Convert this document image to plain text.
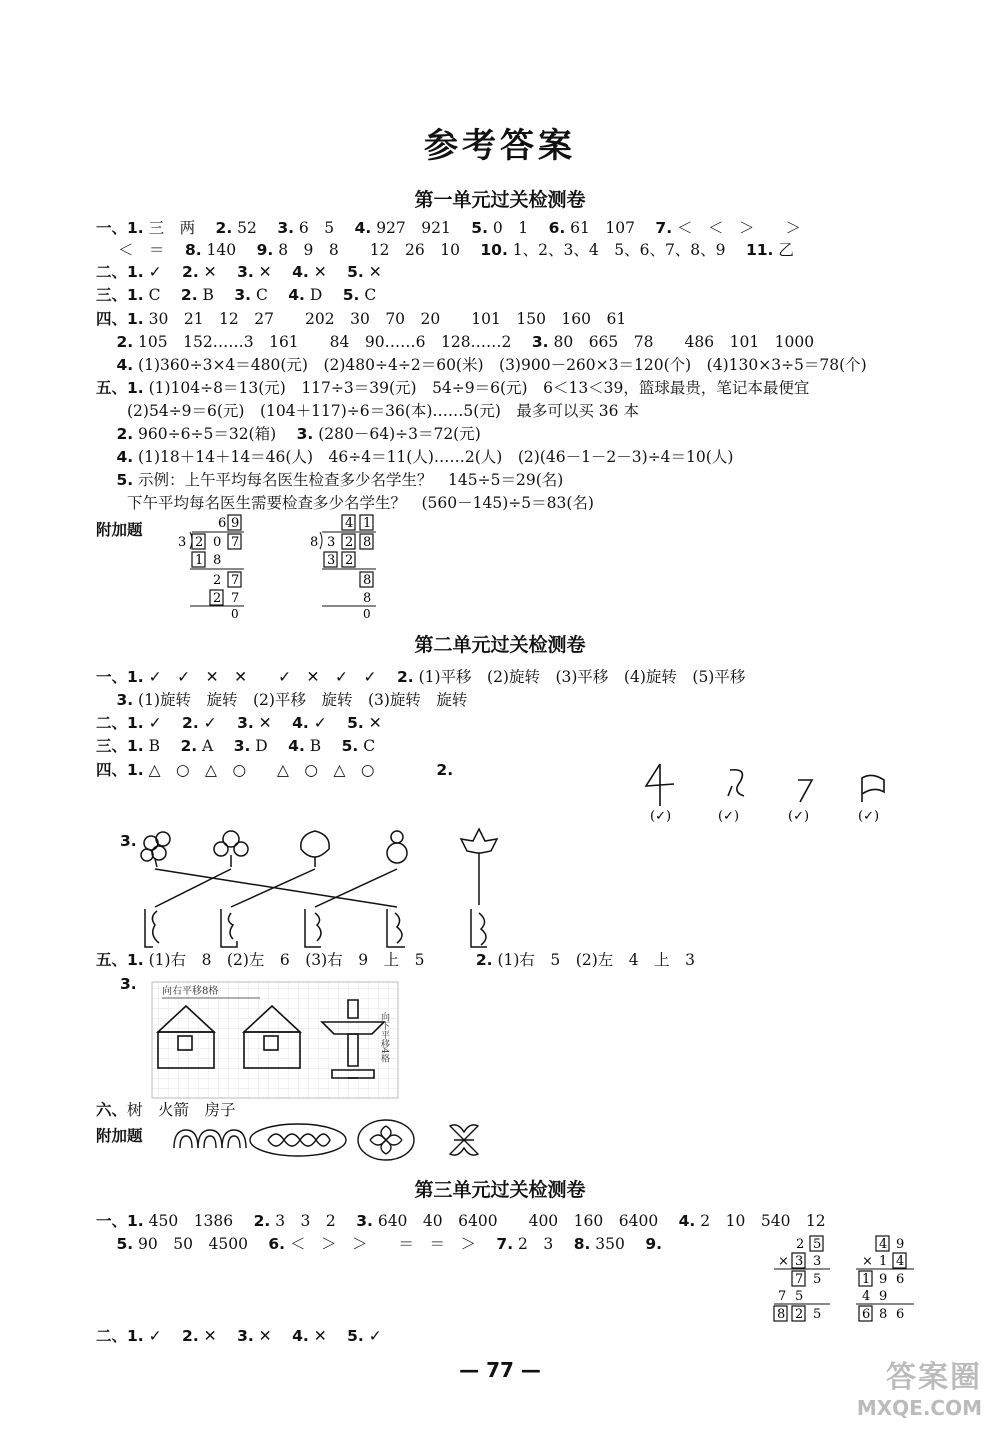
参考答案
第一单元过关检测卷
一、1. 三　两　 2. 52　 3. 6　5　 4. 927　921　 5. 0　1　 6. 61　107　 7. ＜　＜　＞　　＞
＜　＝　 8. 140　 9. 8　9　8　　12　26　10　 10. 1、2、3、4　5、6、7、8、9　 11. 乙
二、1. ✓　 2. ✕　 3. ✕　 4. ✕　 5. ✕
三、1. C　 2. B　 3. C　 4. D　 5. C
四、1. 30　21　12　27　　202　30　70　20　　101　150　160　61
　 2. 105　152……3　161　　84　90……6　128……2　 3. 80　665　78　　486　101　1000
　 4. (1)360÷3×4＝480(元)　(2)480÷4÷2＝60(米)　(3)900－260×3＝120(个)　(4)130×3÷5＝78(个)
五、1. (1)104÷8＝13(元)　117÷3＝39(元)　54÷9＝6(元)　6＜13＜39，篮球最贵，笔记本最便宜
　　(2)54÷9＝6(元)　(104＋117)÷6＝36(本)……5(元)　最多可以买 36 本
　 2. 960÷6÷5＝32(箱)　 3. (280－64)÷3＝72(元)
　 4. (1)18＋14＋14＝46(人)　46÷4＝11(人)……2(人)　(2)(46－1－2－3)÷4＝10(人)
　 5. 示例：上午平均每名医生检查多少名学生？　145÷5＝29(名)
　　下午平均每名医生需要检查多少名学生？　(560－145)÷5＝83(名)
附加题	6 9
3 2 0 7
1 8
2 7
2 7
0
4 1
8 3 2 8
3 2
8
8
0
第二单元过关检测卷
一、1. ✓　✓　✕　✕　　✓　✕　✓　✓　 2. (1)平移　(2)旋转　(3)平移　(4)旋转　(5)平移
　 3. (1)旋转　旋转　(2)平移　旋转　(3)旋转　旋转
二、1. ✓　 2. ✓　 3. ✕　 4. ✓　 5. ✕
三、1. B　 2. A　 3. D　 4. B　 5. C
四、1. △　○　△　○　　△　○　△　○　　　　2.
(✓)	(✓)	(✓)	(✓)
3.
五、1. (1)右　8　(2)左　6　(3)右　9　上　5　　　 2. (1)右　5　(2)左　4　上　3
3.	向右平移8格
向下平移4格
六、树　火箭　房子
附加题
第三单元过关检测卷
一、1. 450　1386　 2. 3　3　2　 3. 640　40　6400　　400　160　6400　 4. 2　10　540　12
　 5. 90　50　4500　 6. ＜　＞　＞　　＝　＝　＞　 7. 2　3　 8. 350　 9.	2 5
× 3 3
7 5
7 5
8 2 5
4 9
× 1 4
1 9 6
4 9
6 8 6
二、1. ✓　 2. ✕　 3. ✕　 4. ✕　 5. ✓
— 77 —	答案圈
MXQE.COM
